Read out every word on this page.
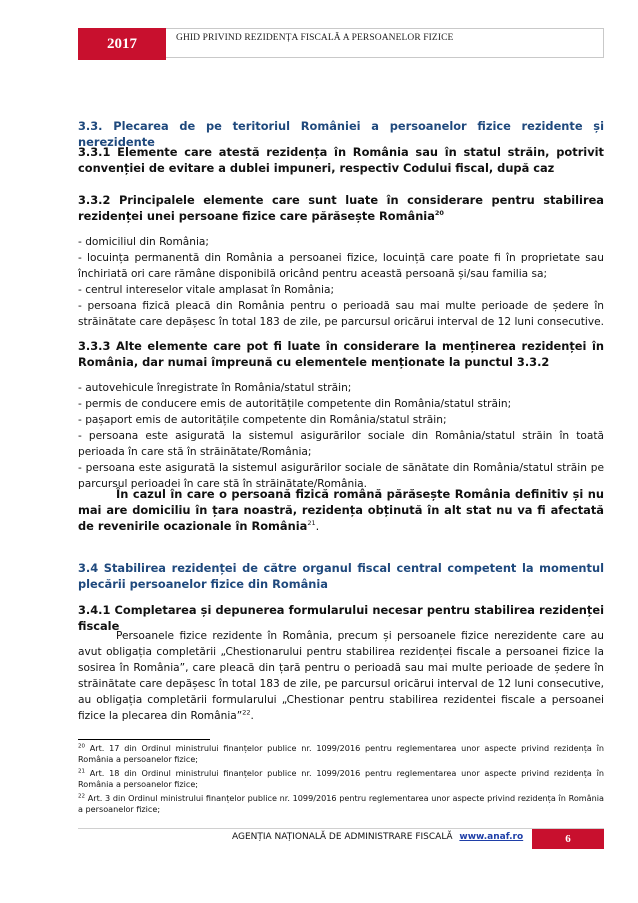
2017	GHID PRIVIND REZIDENȚA FISCALĂ A PERSOANELOR FIZICE
3.3. Plecarea de pe teritoriul României a persoanelor fizice rezidente și nerezidente
3.3.1 Elemente care atestă rezidența în România sau în statul străin, potrivit convenției de evitare a dublei impuneri, respectiv Codului fiscal, după caz
3.3.2 Principalele elemente care sunt luate în considerare pentru stabilirea rezidenței unei persoane fizice care părăsește România$^{20}$
- domiciliul din România;
- locuința permanentă din România a persoanei fizice, locuință care poate fi în proprietate sau închiriată ori care rămâne disponibilă oricând pentru această persoană și/sau familia sa;
- centrul intereselor vitale amplasat în România;
- persoana fizică pleacă din România pentru o perioadă sau mai multe perioade de ședere în străinătate care depășesc în total 183 de zile, pe parcursul oricărui interval de 12 luni consecutive.
3.3.3 Alte elemente care pot fi luate în considerare la menținerea rezidenței în România, dar numai împreună cu elementele menționate la punctul 3.3.2
- autovehicule înregistrate în România/statul străin;
- permis de conducere emis de autoritățile competente din România/statul străin;
- pașaport emis de autoritățile competente din România/statul străin;
- persoana este asigurată la sistemul asigurărilor sociale din România/statul străin în toată perioada în care stă în străinătate/România;
- persoana este asigurată la sistemul asigurărilor sociale de sănătate din România/statul străin pe parcursul perioadei în care stă în străinătate/România.
În cazul în care o persoană fizică română părăsește România definitiv și nu mai are domiciliu în țara noastră, rezidența obținută în alt stat nu va fi afectată de revenirile ocazionale în România$^{21}$.
3.4 Stabilirea rezidenței de către organul fiscal central competent la momentul plecării persoanelor fizice din România
3.4.1 Completarea și depunerea formularului necesar pentru stabilirea rezidenței fiscale
Persoanele fizice rezidente în România, precum și persoanele fizice nerezidente care au avut obligația completării „Chestionarului pentru stabilirea rezidenței fiscale a persoanei fizice la sosirea în România”, care pleacă din țară pentru o perioadă sau mai multe perioade de ședere în străinătate care depășesc în total 183 de zile, pe parcursul oricărui interval de 12 luni consecutive, au obligația completării formularului „Chestionar pentru stabilirea rezidentei fiscale a persoanei fizice la plecarea din România”$^{22}$.
$^{20}$ Art. 17 din Ordinul ministrului finanțelor publice nr. 1099/2016 pentru reglementarea unor aspecte privind rezidența în România a persoanelor fizice;
$^{21}$ Art. 18 din Ordinul ministrului finanțelor publice nr. 1099/2016 pentru reglementarea unor aspecte privind rezidența în România a persoanelor fizice;
$^{22}$ Art. 3 din Ordinul ministrului finanțelor publice nr. 1099/2016 pentru reglementarea unor aspecte privind rezidența în România a persoanelor fizice;
AGENȚIA NAȚIONALĂ DE ADMINISTRARE FISCALĂ www.anaf.ro	6
